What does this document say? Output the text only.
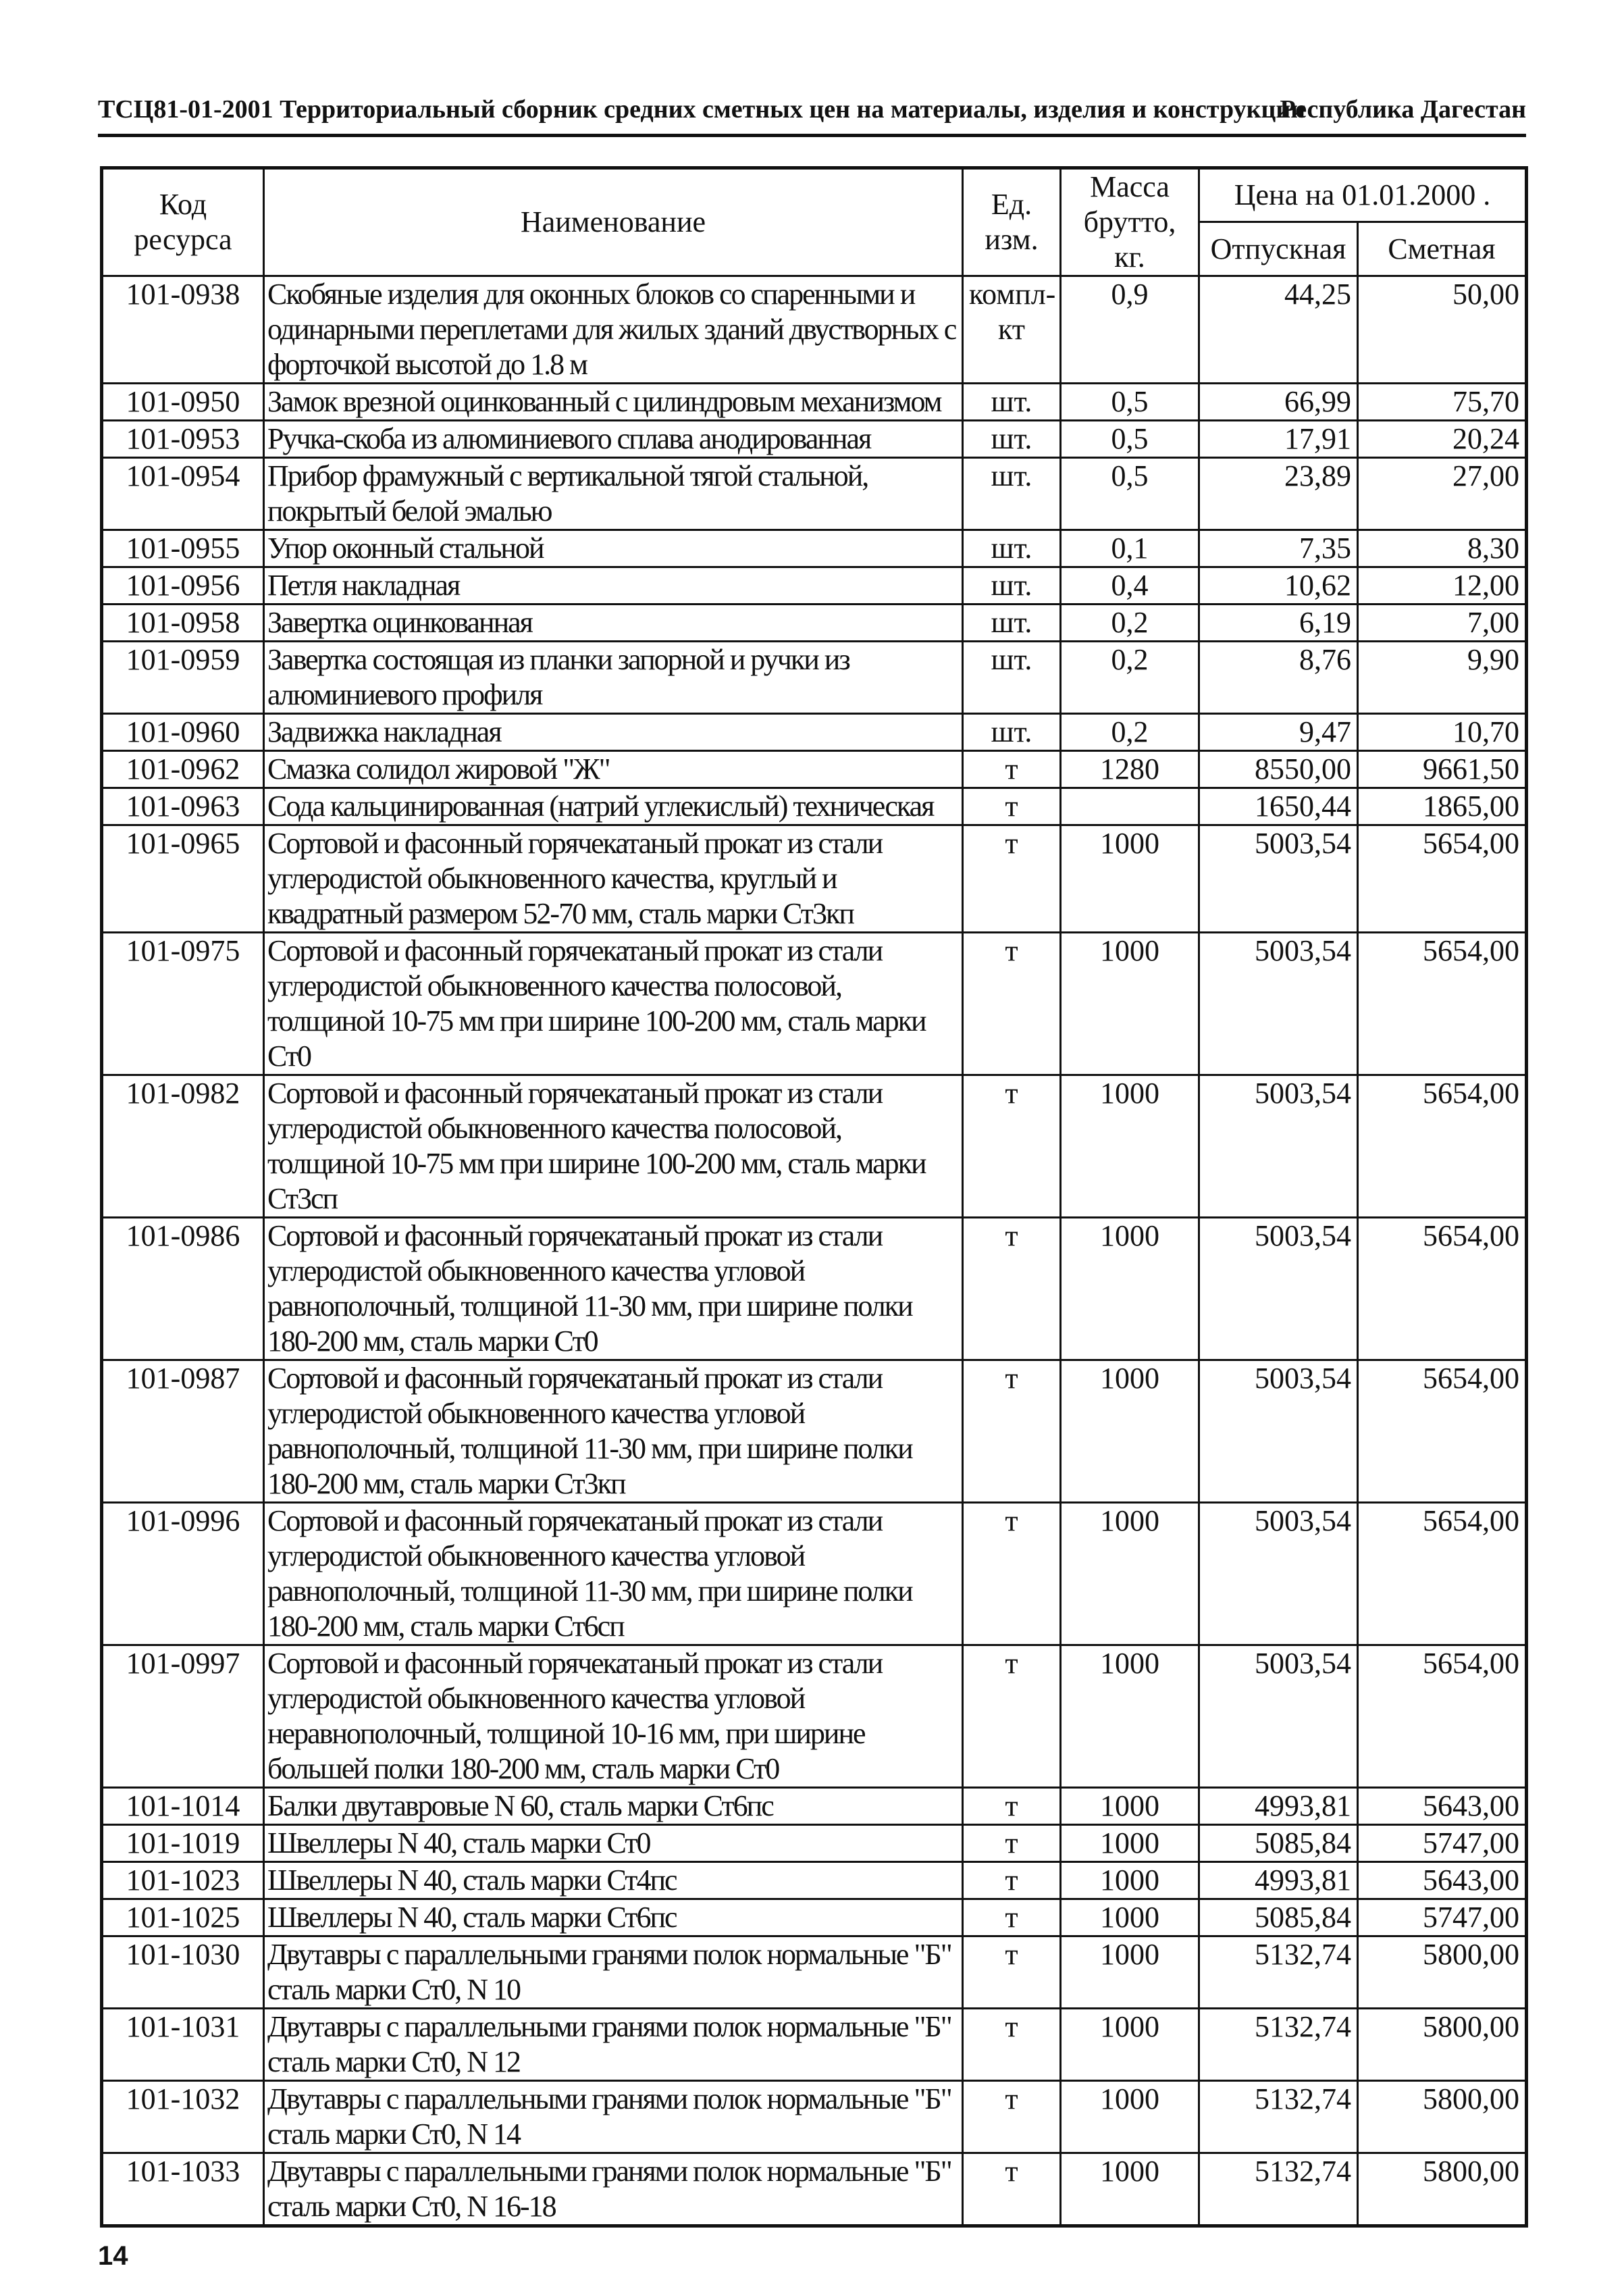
ТСЦ81-01-2001 Территориальный сборник средних сметных цен на материалы, изделия и конструкции
Республика Дагестан
Код ресурса	Наименование	Ед. изм.	Масса брутто, кг.	Цена на 01.01.2000 .	
				Отпускная	Сметная
101-0938	Скобяные изделия для оконных блоков со спаренными и одинарными переплетами для жилых зданий двустворных с форточкой высотой до 1.8 м	компл-кт	0,9	44,25	50,00
101-0950	Замок врезной оцинкованный с цилиндровым механизмом	шт.	0,5	66,99	75,70
101-0953	Ручка-скоба из алюминиевого сплава анодированная	шт.	0,5	17,91	20,24
101-0954	Прибор фрамужный с вертикальной тягой стальной, покрытый белой эмалью	шт.	0,5	23,89	27,00
101-0955	Упор оконный стальной	шт.	0,1	7,35	8,30
101-0956	Петля накладная	шт.	0,4	10,62	12,00
101-0958	Завертка оцинкованная	шт.	0,2	6,19	7,00
101-0959	Завертка состоящая из планки запорной и ручки из алюминиевого профиля	шт.	0,2	8,76	9,90
101-0960	Задвижка накладная	шт.	0,2	9,47	10,70
101-0962	Смазка солидол жировой "Ж"	т	1280	8550,00	9661,50
101-0963	Сода кальцинированная (натрий углекислый) техническая	т		1650,44	1865,00
101-0965	Сортовой и фасонный горячекатаный прокат из стали углеродистой обыкновенного качества, круглый и квадратный размером 52-70 мм, сталь марки Ст3кп	т	1000	5003,54	5654,00
101-0975	Сортовой и фасонный горячекатаный прокат из стали углеродистой обыкновенного качества полосовой, толщиной 10-75 мм при ширине 100-200 мм, сталь марки Ст0	т	1000	5003,54	5654,00
101-0982	Сортовой и фасонный горячекатаный прокат из стали углеродистой обыкновенного качества полосовой, толщиной 10-75 мм при ширине 100-200 мм, сталь марки Ст3сп	т	1000	5003,54	5654,00
101-0986	Сортовой и фасонный горячекатаный прокат из стали углеродистой обыкновенного качества угловой равнополочный, толщиной 11-30 мм, при ширине полки 180-200 мм, сталь марки Ст0	т	1000	5003,54	5654,00
101-0987	Сортовой и фасонный горячекатаный прокат из стали углеродистой обыкновенного качества угловой равнополочный, толщиной 11-30 мм, при ширине полки 180-200 мм, сталь марки Ст3кп	т	1000	5003,54	5654,00
101-0996	Сортовой и фасонный горячекатаный прокат из стали углеродистой обыкновенного качества угловой равнополочный, толщиной 11-30 мм, при ширине полки 180-200 мм, сталь марки Ст6сп	т	1000	5003,54	5654,00
101-0997	Сортовой и фасонный горячекатаный прокат из стали углеродистой обыкновенного качества угловой неравнополочный, толщиной 10-16 мм, при ширине большей полки 180-200 мм, сталь марки Ст0	т	1000	5003,54	5654,00
101-1014	Балки двутавровые N 60, сталь марки Ст6пс	т	1000	4993,81	5643,00
101-1019	Швеллеры N 40, сталь марки Ст0	т	1000	5085,84	5747,00
101-1023	Швеллеры N 40, сталь марки Ст4пс	т	1000	4993,81	5643,00
101-1025	Швеллеры N 40, сталь марки Ст6пс	т	1000	5085,84	5747,00
101-1030	Двутавры с параллельными гранями полок нормальные "Б" сталь марки Ст0, N 10	т	1000	5132,74	5800,00
101-1031	Двутавры с параллельными гранями полок нормальные "Б" сталь марки Ст0, N 12	т	1000	5132,74	5800,00
101-1032	Двутавры с параллельными гранями полок нормальные "Б" сталь марки Ст0, N 14	т	1000	5132,74	5800,00
101-1033	Двутавры с параллельными гранями полок нормальные "Б" сталь марки Ст0, N 16-18	т	1000	5132,74	5800,00
14
